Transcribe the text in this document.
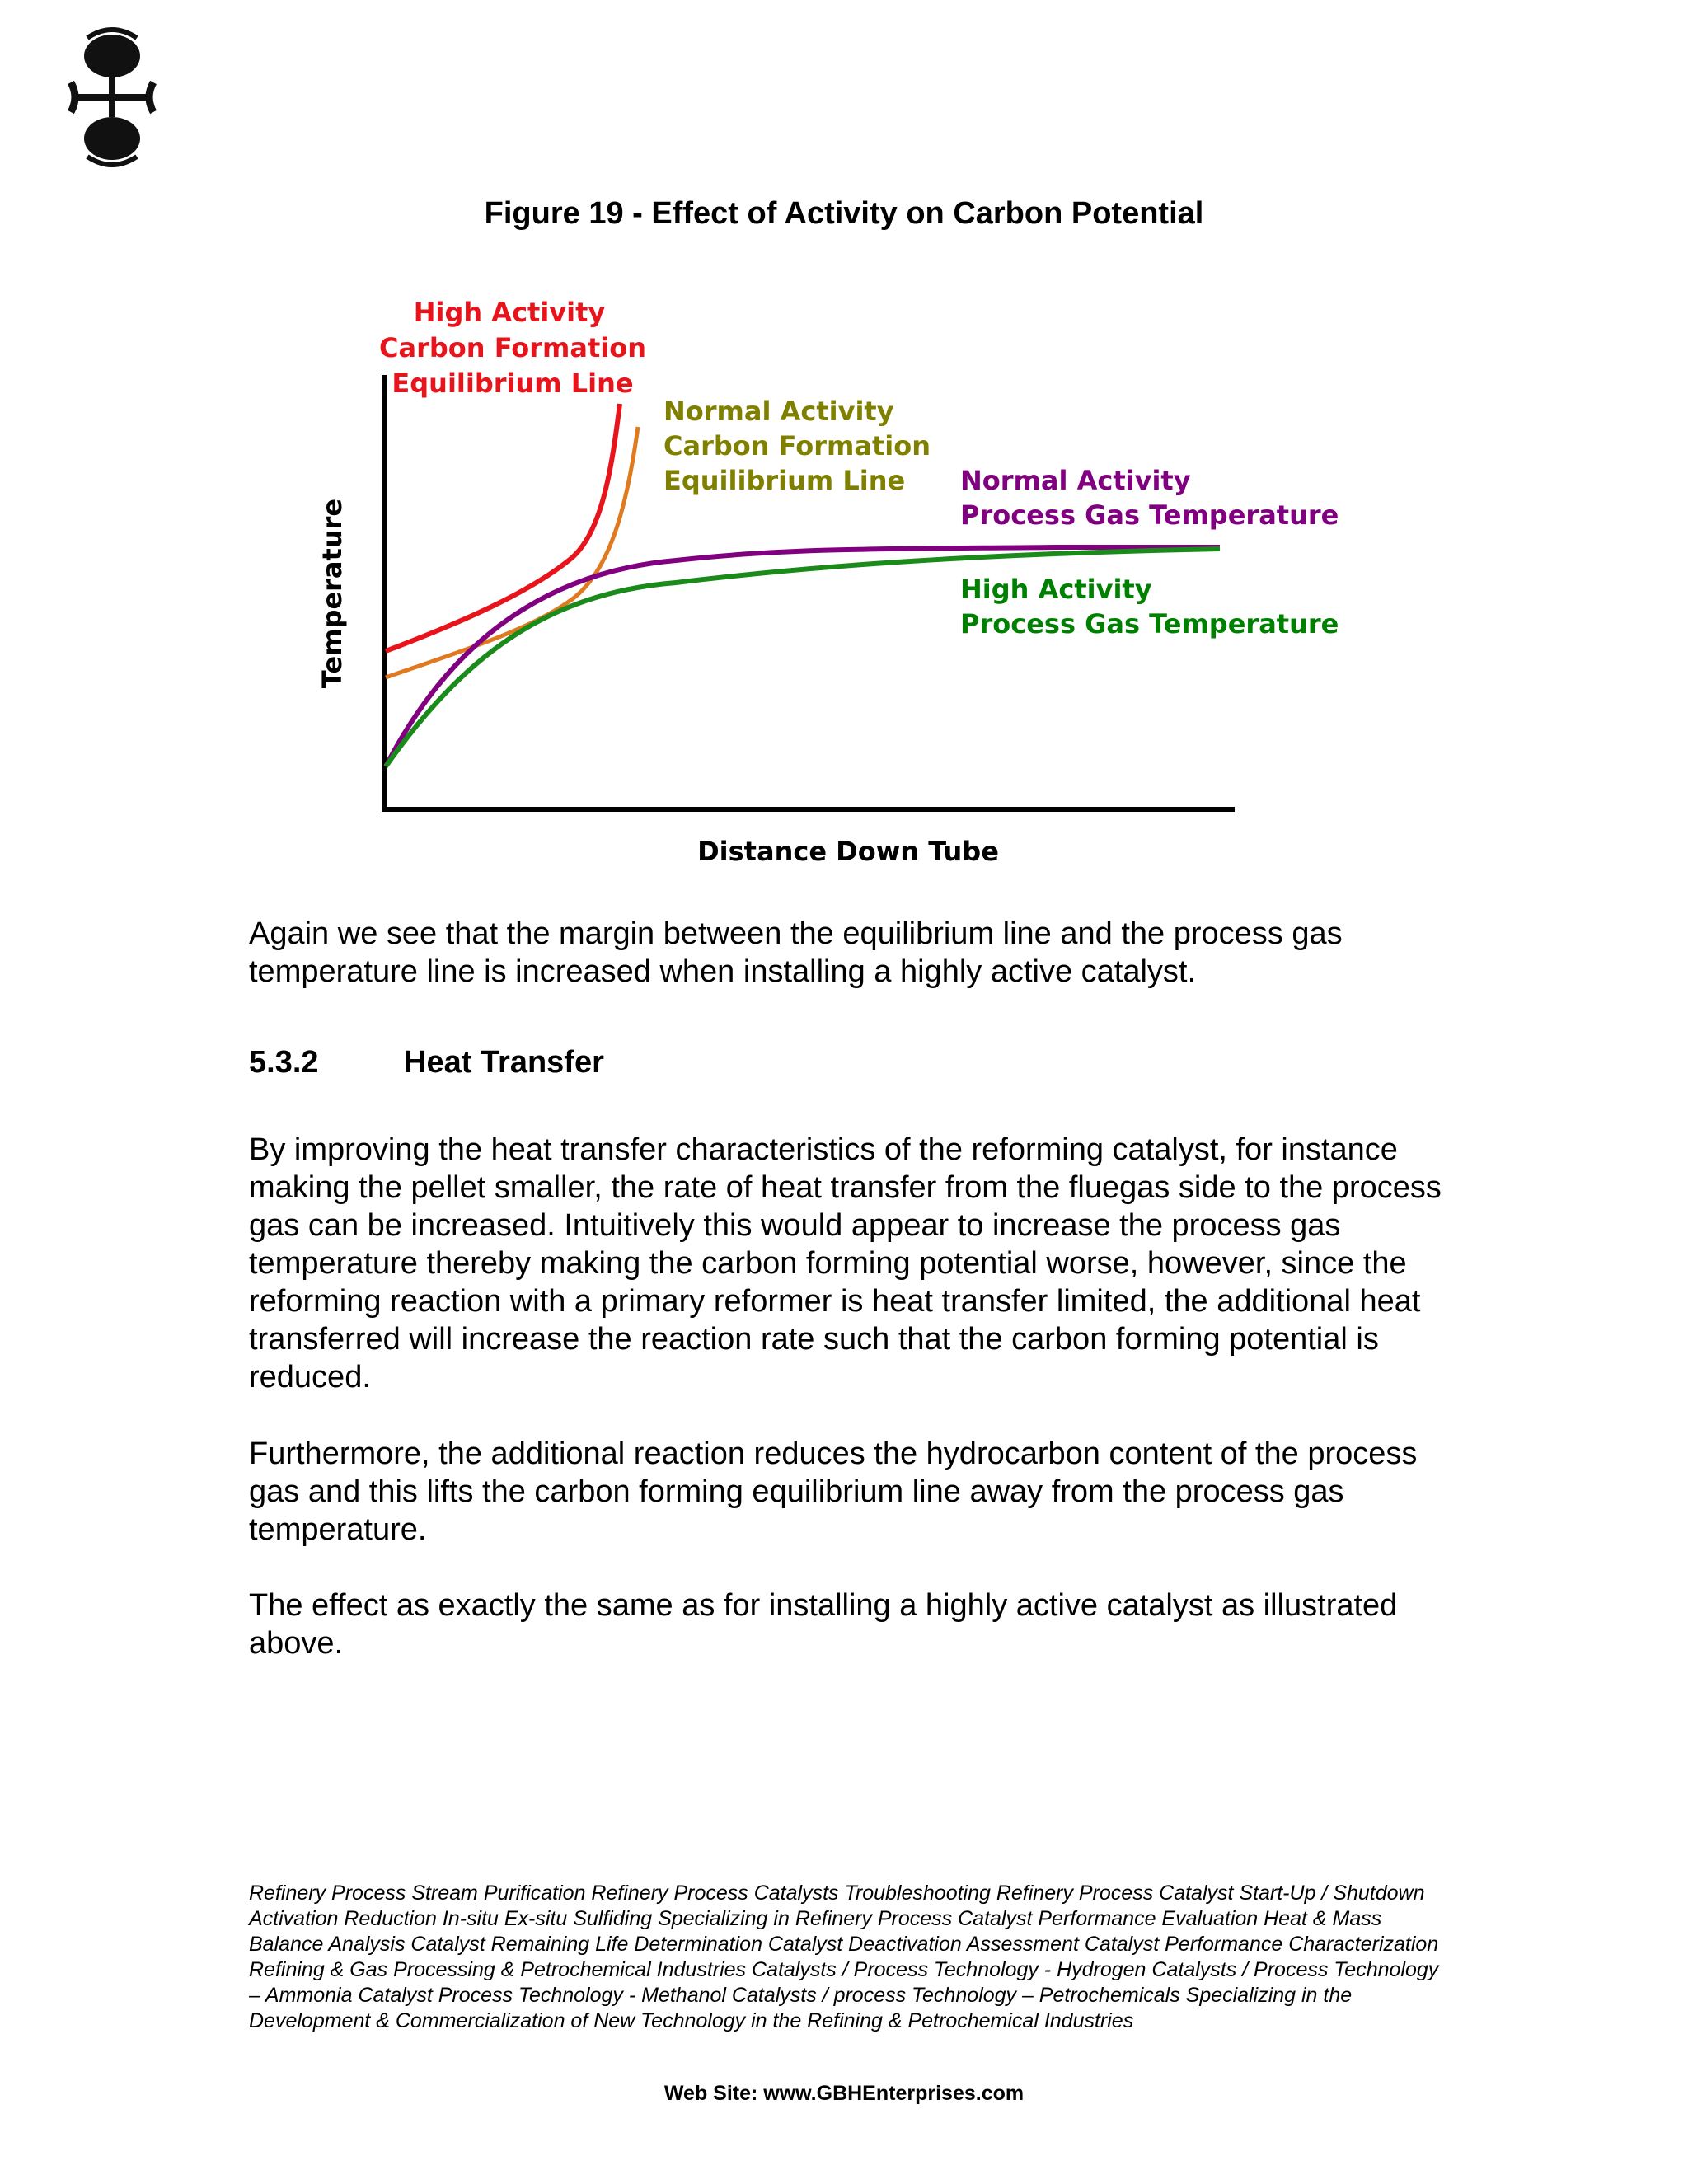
Figure 19 - Effect of Activity on Carbon Potential
High Activity
Carbon Formation
Equilibrium Line
Normal Activity
Carbon Formation
Equilibrium Line Normal Activity
Process Gas Temperature
High Activity
Process Gas Temperature
Temperature
Distance Down Tube
Again we see that the margin between the equilibrium line and the process gas temperature line is increased when installing a highly active catalyst.
5.3.2	Heat Transfer
By improving the heat transfer characteristics of the reforming catalyst, for instance making the pellet smaller, the rate of heat transfer from the fluegas side to the process gas can be increased. Intuitively this would appear to increase the process gas temperature thereby making the carbon forming potential worse, however, since the reforming reaction with a primary reformer is heat transfer limited, the additional heat transferred will increase the reaction rate such that the carbon forming potential is reduced.
Furthermore, the additional reaction reduces the hydrocarbon content of the process gas and this lifts the carbon forming equilibrium line away from the process gas temperature.
The effect as exactly the same as for installing a highly active catalyst as illustrated above.
Refinery Process Stream Purification Refinery Process Catalysts Troubleshooting Refinery Process Catalyst Start-Up / Shutdown Activation Reduction In-situ Ex-situ Sulfiding Specializing in Refinery Process Catalyst Performance Evaluation Heat & Mass Balance Analysis Catalyst Remaining Life Determination Catalyst Deactivation Assessment Catalyst Performance Characterization Refining & Gas Processing & Petrochemical Industries Catalysts / Process Technology - Hydrogen Catalysts / Process Technology – Ammonia Catalyst Process Technology - Methanol Catalysts / process Technology – Petrochemicals Specializing in the Development & Commercialization of New Technology in the Refining & Petrochemical Industries
Web Site: www.GBHEnterprises.com
